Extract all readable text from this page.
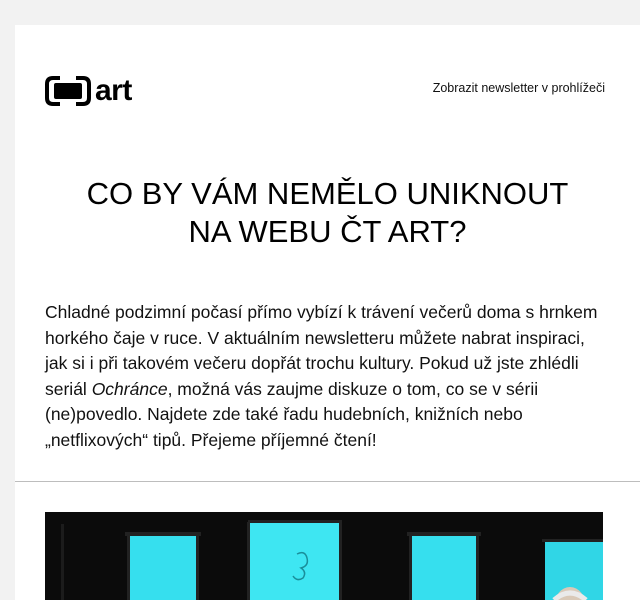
art	Zobrazit newsletter v prohlížeči
CO BY VÁM NEMĚLO UNIKNOUT
NA WEBU ČT ART?

Chladné podzimní počasí přímo vybízí k trávení večerů doma s hrnkem horkého čaje v ruce. V aktuálním newsletteru můžete nabrat inspiraci, jak si i při takovém večeru dopřát trochu kultury. Pokud už jste zhlédli seriál Ochránce, možná vás zaujme diskuze o tom, co se v sérii (ne)povedlo. Najdete zde také řadu hudebních, knižních nebo „netflixových“ tipů. Přejeme příjemné čtení!
